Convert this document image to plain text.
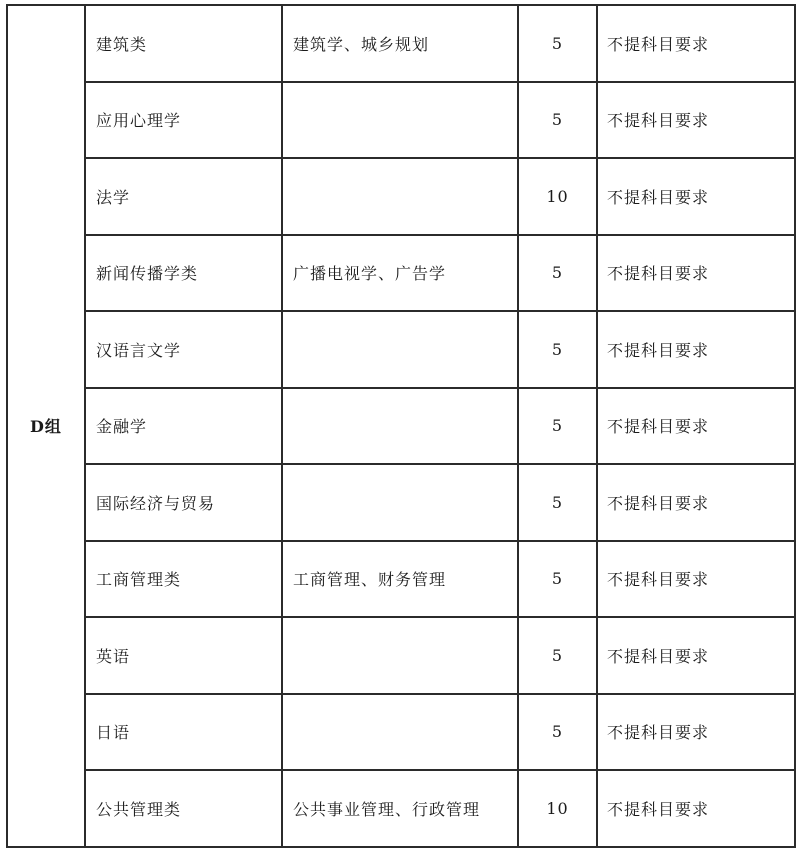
D组	建筑类	建筑学、城乡规划	5	不提科目要求
	应用心理学		5	不提科目要求
	法学		10	不提科目要求
	新闻传播学类	广播电视学、广告学	5	不提科目要求
	汉语言文学		5	不提科目要求
	金融学		5	不提科目要求
	国际经济与贸易		5	不提科目要求
	工商管理类	工商管理、财务管理	5	不提科目要求
	英语		5	不提科目要求
	日语		5	不提科目要求
	公共管理类	公共事业管理、行政管理	10	不提科目要求
